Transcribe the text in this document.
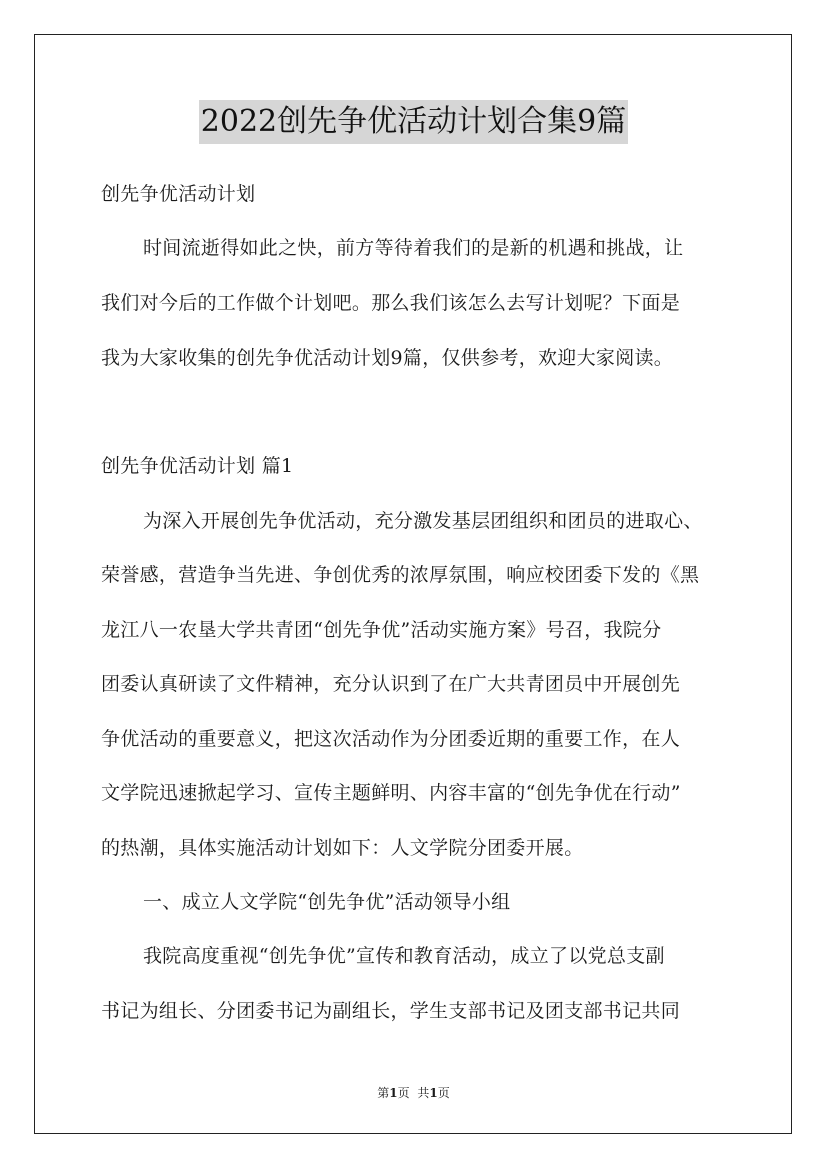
2022创先争优活动计划合集9篇
创先争优活动计划
时间流逝得如此之快，前方等待着我们的是新的机遇和挑战，让
我们对今后的工作做个计划吧。那么我们该怎么去写计划呢？下面是
我为大家收集的创先争优活动计划9篇，仅供参考，欢迎大家阅读。
创先争优活动计划 篇1
为深入开展创先争优活动，充分激发基层团组织和团员的进取心、
荣誉感，营造争当先进、争创优秀的浓厚氛围，响应校团委下发的《黑
龙江八一农垦大学共青团“创先争优”活动实施方案》号召，我院分
团委认真研读了文件精神，充分认识到了在广大共青团员中开展创先
争优活动的重要意义，把这次活动作为分团委近期的重要工作，在人
文学院迅速掀起学习、宣传主题鲜明、内容丰富的“创先争优在行动”
的热潮，具体实施活动计划如下：人文学院分团委开展。
一、成立人文学院“创先争优”活动领导小组
我院高度重视“创先争优”宣传和教育活动，成立了以党总支副
书记为组长、分团委书记为副组长，学生支部书记及团支部书记共同
第1页 共1页
